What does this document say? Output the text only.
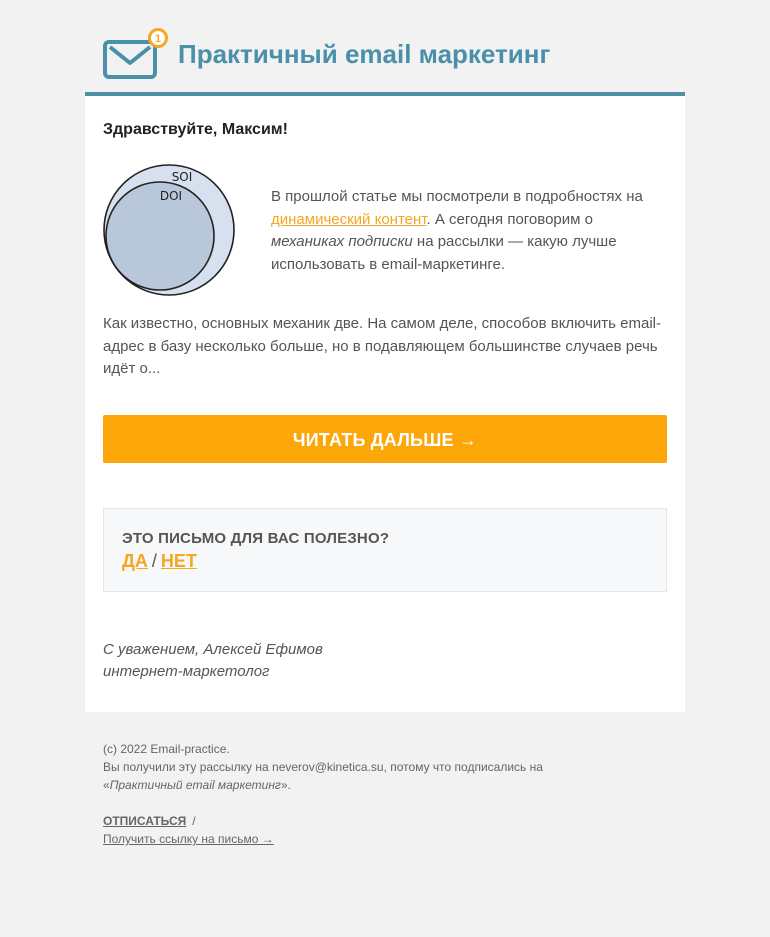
1 Практичный email маркетинг
Здравствуйте, Максим!
SOI
DOI	В прошлой статье мы посмотрели в подробностях на динамический контент. А сегодня поговорим о механиках подписки на рассылки — какую лучше использовать в email-маркетинге.
Как известно, основных механик две. На самом деле, способов включить email-адрес в базу несколько больше, но в подавляющем большинстве случаев речь идёт о...
ЧИТАТЬ ДАЛЬШЕ →
ЭТО ПИСЬМО ДЛЯ ВАС ПОЛЕЗНО?
ДА / НЕТ
С уважением, Алексей Ефимов
интернет-маркетолог
(c) 2022 Email-practice.
Вы получили эту рассылку на neverov@kinetica.su, потому что подписались на
«Практичный email маркетинг».
ОТПИСАТЬСЯ /
Получить ссылку на письмо →
